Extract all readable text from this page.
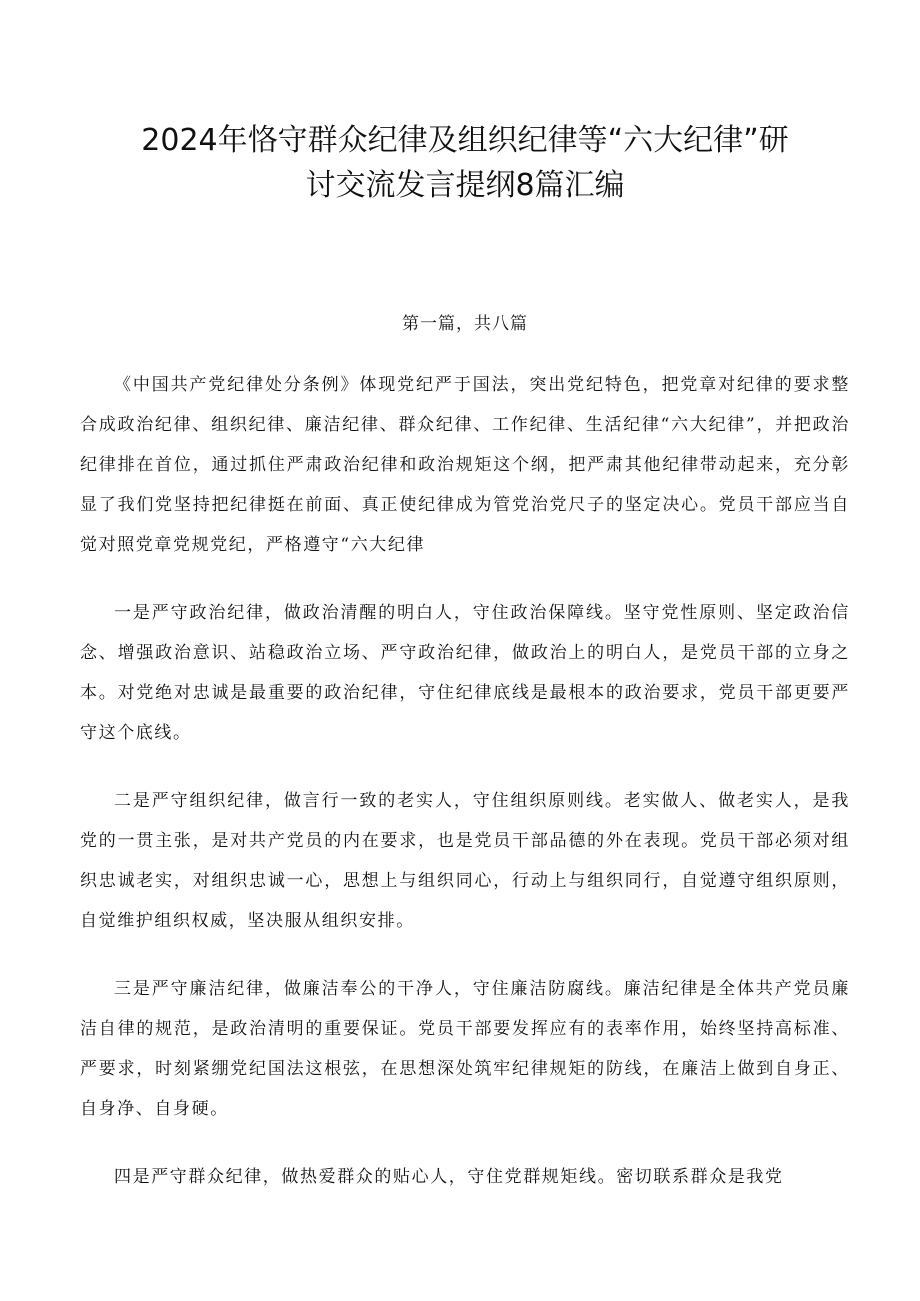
2024年恪守群众纪律及组织纪律等“六大纪律”研
讨交流发言提纲8篇汇编
第一篇，共八篇

《中国共产党纪律处分条例》体现党纪严于国法，突出党纪特色，把党章对纪律的要求整合成政治纪律、组织纪律、廉洁纪律、群众纪律、工作纪律、生活纪律“六大纪律”，并把政治纪律排在首位，通过抓住严肃政治纪律和政治规矩这个纲，把严肃其他纪律带动起来，充分彰显了我们党坚持把纪律挺在前面、真正使纪律成为管党治党尺子的坚定决心。党员干部应当自觉对照党章党规党纪，严格遵守“六大纪律

一是严守政治纪律，做政治清醒的明白人，守住政治保障线。坚守党性原则、坚定政治信念、增强政治意识、站稳政治立场、严守政治纪律，做政治上的明白人，是党员干部的立身之本。对党绝对忠诚是最重要的政治纪律，守住纪律底线是最根本的政治要求，党员干部更要严守这个底线。

二是严守组织纪律，做言行一致的老实人，守住组织原则线。老实做人、做老实人，是我党的一贯主张，是对共产党员的内在要求，也是党员干部品德的外在表现。党员干部必须对组织忠诚老实，对组织忠诚一心，思想上与组织同心，行动上与组织同行，自觉遵守组织原则，自觉维护组织权威，坚决服从组织安排。

三是严守廉洁纪律，做廉洁奉公的干净人，守住廉洁防腐线。廉洁纪律是全体共产党员廉洁自律的规范，是政治清明的重要保证。党员干部要发挥应有的表率作用，始终坚持高标准、严要求，时刻紧绷党纪国法这根弦，在思想深处筑牢纪律规矩的防线，在廉洁上做到自身正、自身净、自身硬。

四是严守群众纪律，做热爱群众的贴心人，守住党群规矩线。密切联系群众是我党
